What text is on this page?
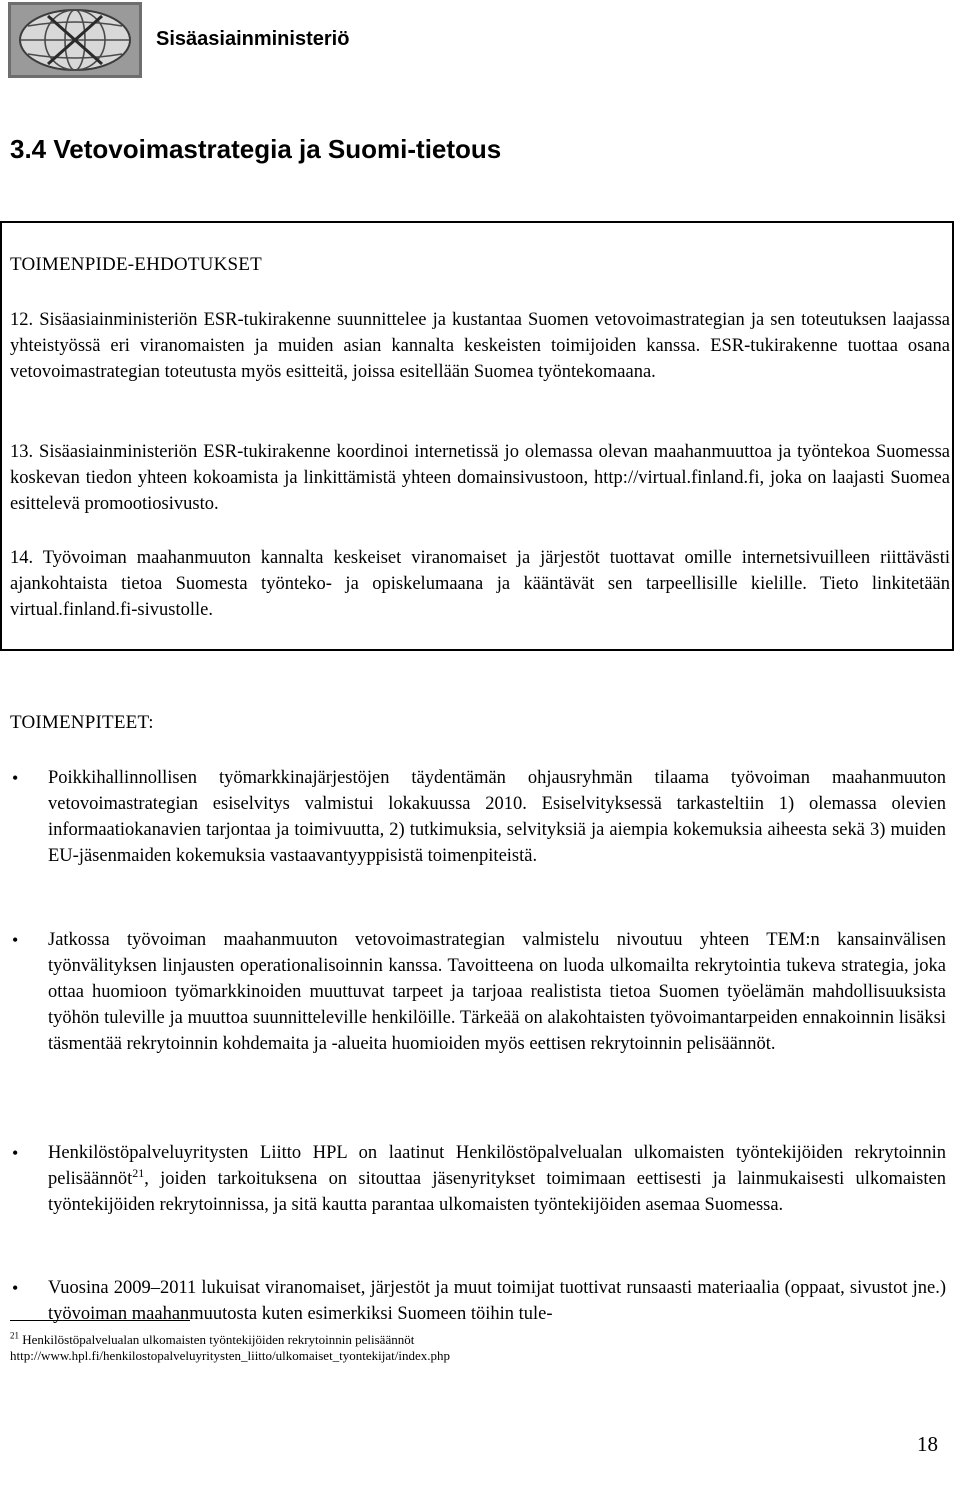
Sisäasiainministeriö
3.4 Vetovoimastrategia ja Suomi-tietous
TOIMENPIDE-EHDOTUKSET
12. Sisäasiainministeriön ESR-tukirakenne suunnittelee ja kustantaa Suomen vetovoimastrategian ja sen toteutuksen laajassa yhteistyössä eri viranomaisten ja muiden asian kannalta keskeisten toimijoiden kanssa. ESR-tukirakenne tuottaa osana vetovoimastrategian toteutusta myös esitteitä, joissa esitellään Suomea työntekomaana.
13. Sisäasiainministeriön ESR-tukirakenne koordinoi internetissä jo olemassa olevan maahanmuuttoa ja työntekoa Suomessa koskevan tiedon yhteen kokoamista ja linkittämistä yhteen domainsivustoon, http://virtual.finland.fi, joka on laajasti Suomea esittelevä promootiosivusto.
14. Työvoiman maahanmuuton kannalta keskeiset viranomaiset ja järjestöt tuottavat omille internetsivuilleen riittävästi ajankohtaista tietoa Suomesta työnteko- ja opiskelumaana ja kääntävät sen tarpeellisille kielille. Tieto linkitetään virtual.finland.fi-sivustolle.
TOIMENPITEET:
• Poikkihallinnollisen työmarkkinajärjestöjen täydentämän ohjausryhmän tilaama työvoiman maahanmuuton vetovoimastrategian esiselvitys valmistui lokakuussa 2010. Esiselvityksessä tarkasteltiin 1) olemassa olevien informaatiokanavien tarjontaa ja toimivuutta, 2) tutkimuksia, selvityksiä ja aiempia kokemuksia aiheesta sekä 3) muiden EU-jäsenmaiden kokemuksia vastaavantyyppisistä toimenpiteistä.
• Jatkossa työvoiman maahanmuuton vetovoimastrategian valmistelu nivoutuu yhteen TEM:n kansainvälisen työnvälityksen linjausten operationalisoinnin kanssa. Tavoitteena on luoda ulkomailta rekrytointia tukeva strategia, joka ottaa huomioon työmarkkinoiden muuttuvat tarpeet ja tarjoaa realistista tietoa Suomen työelämän mahdollisuuksista työhön tuleville ja muuttoa suunnitteleville henkilöille. Tärkeää on alakohtaisten työvoimantarpeiden ennakoinnin lisäksi täsmentää rekrytoinnin kohdemaita ja -alueita huomioiden myös eettisen rekrytoinnin pelisäännöt.
• Henkilöstöpalveluyritysten Liitto HPL on laatinut Henkilöstöpalvelualan ulkomaisten työntekijöiden rekrytoinnin pelisäännöt$^{21}$, joiden tarkoituksena on sitouttaa jäsenyritykset toimimaan eettisesti ja lainmukaisesti ulkomaisten työntekijöiden rekrytoinnissa, ja sitä kautta parantaa ulkomaisten työntekijöiden asemaa Suomessa.
• Vuosina 2009–2011 lukuisat viranomaiset, järjestöt ja muut toimijat tuottivat runsaasti materiaalia (oppaat, sivustot jne.) työvoiman maahanmuutosta kuten esimerkiksi Suomeen töihin tule-
$^{21}$ Henkilöstöpalvelualan ulkomaisten työntekijöiden rekrytoinnin pelisäännöt
http://www.hpl.fi/henkilostopalveluyritysten_liitto/ulkomaiset_tyontekijat/index.php
18
